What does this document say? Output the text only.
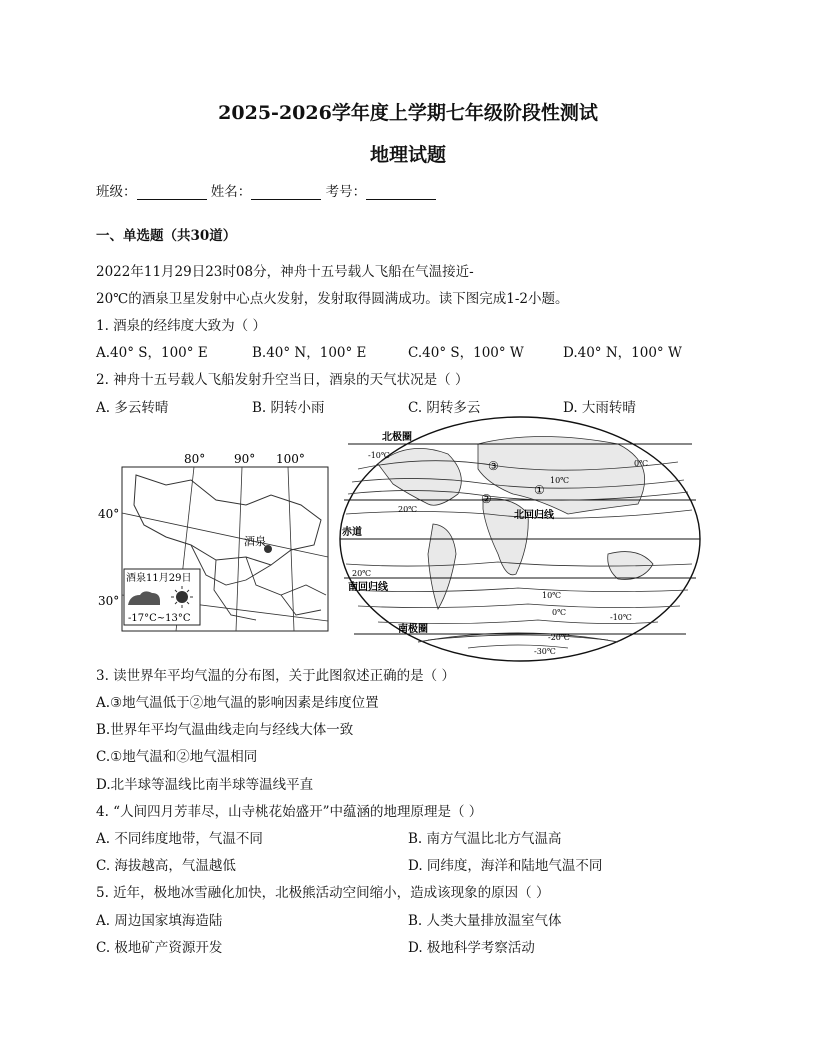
2025-2026学年度上学期七年级阶段性测试
地理试题
班级：	姓名：	考号：
一、单选题（共30道）
2022年11月29日23时08分，神舟十五号载人飞船在气温接近-
20℃的酒泉卫星发射中心点火发射，发射取得圆满成功。读下图完成1-2小题。
1. 酒泉的经纬度大致为（ ）
A.40° S，100° E	B.40° N，100° E	C.40° S，100° W	D.40° N，100° W
2. 神舟十五号载人飞船发射升空当日，酒泉的天气状况是（ ）
A. 多云转晴	B. 阴转小雨	C. 阴转多云	D. 大雨转晴
80° 90° 100°
40°
30°
酒泉
酒泉11月29日
-17°C~13°C
北极圈
北回归线
赤道
南回归线
南极圈
③
②
①
-10℃
0℃
10℃
20℃
20℃
10℃
0℃
-10℃
-20℃
-30℃
3. 读世界年平均气温的分布图，关于此图叙述正确的是（ ）
A.③地气温低于②地气温的影响因素是纬度位置
B.世界年平均气温曲线走向与经线大体一致
C.①地气温和②地气温相同
D.北半球等温线比南半球等温线平直
4. “人间四月芳菲尽，山寺桃花始盛开”中蕴涵的地理原理是（ ）
A. 不同纬度地带，气温不同	B. 南方气温比北方气温高
C. 海拔越高，气温越低	D. 同纬度，海洋和陆地气温不同
5. 近年，极地冰雪融化加快，北极熊活动空间缩小，造成该现象的原因（ ）
A. 周边国家填海造陆	B. 人类大量排放温室气体
C. 极地矿产资源开发	D. 极地科学考察活动
